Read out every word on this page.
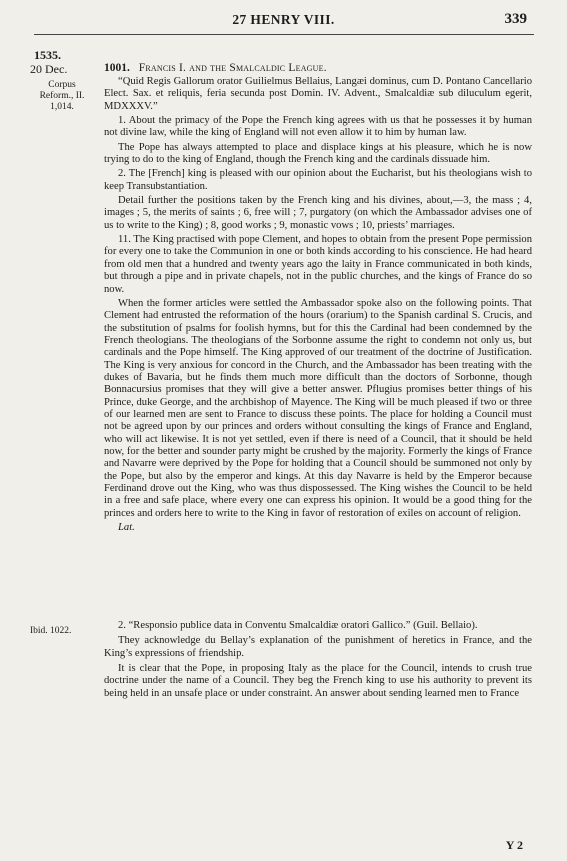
27 HENRY VIII.	339
1535.
20 Dec.
Corpus
Reform., II.
1,014.
Ibid. 1022.
1001. Francis I. and the Smalcaldic League.

“Quid Regis Gallorum orator Guilielmus Bellaius, Langæi dominus, cum D. Pontano Cancellario Elect. Sax. et reliquis, feria secunda post Domin. IV. Advent., Smalcaldiæ sub diluculum egerit, MDXXXV.”

1. About the primacy of the Pope the French king agrees with us that he possesses it by human not divine law, while the king of England will not even allow it to him by human law.

The Pope has always attempted to place and displace kings at his pleasure, which he is now trying to do to the king of England, though the French king and the cardinals dissuade him.

2. The [French] king is pleased with our opinion about the Eucharist, but his theologians wish to keep Transubstantiation.

Detail further the positions taken by the French king and his divines, about,—3, the mass ; 4, images ; 5, the merits of saints ; 6, free will ; 7, purgatory (on which the Ambassador advises one of us to write to the King) ; 8, good works ; 9, monastic vows ; 10, priests’ marriages.

11. The King practised with pope Clement, and hopes to obtain from the present Pope permission for every one to take the Communion in one or both kinds according to his conscience. He had heard from old men that a hundred and twenty years ago the laity in France communicated in both kinds, but through a pipe and in private chapels, not in the public churches, and the kings of France do so now.

When the former articles were settled the Ambassador spoke also on the following points. That Clement had entrusted the reformation of the hours (orarium) to the Spanish cardinal S. Crucis, and the substitution of psalms for foolish hymns, but for this the Cardinal had been condemned by the French theologians. The theologians of the Sorbonne assume the right to condemn not only us, but cardinals and the Pope himself. The King approved of our treatment of the doctrine of Justification. The King is very anxious for concord in the Church, and the Ambassador has been treating with the dukes of Bavaria, but he finds them much more difficult than the doctors of Sorbonne, though Bonnacursius promises that they will give a better answer. Pflugius promises better things of his Prince, duke George, and the archbishop of Mayence. The King will be much pleased if two or three of our learned men are sent to France to discuss these points. The place for holding a Council must not be agreed upon by our princes and orders without consulting the kings of France and England, who will act likewise. It is not yet settled, even if there is need of a Council, that it should be held now, for the better and sounder party might be crushed by the majority. Formerly the kings of France and Navarre were deprived by the Pope for holding that a Council should be summoned not only by the Pope, but also by the emperor and kings. At this day Navarre is held by the Emperor because Ferdinand drove out the King, who was thus dispossessed. The King wishes the Council to be held in a free and safe place, where every one can express his opinion. It would be a good thing for the princes and orders here to write to the King in favor of restoration of exiles on account of religion.

Lat.

2. “Responsio publice data in Conventu Smalcaldiæ oratori Gallico.” (Guil. Bellaio).

They acknowledge du Bellay’s explanation of the punishment of heretics in France, and the King’s expressions of friendship.

It is clear that the Pope, in proposing Italy as the place for the Council, intends to crush true doctrine under the name of a Council. They beg the French king to use his authority to prevent its being held in an unsafe place or under constraint. An answer about sending learned men to France

Y 2
